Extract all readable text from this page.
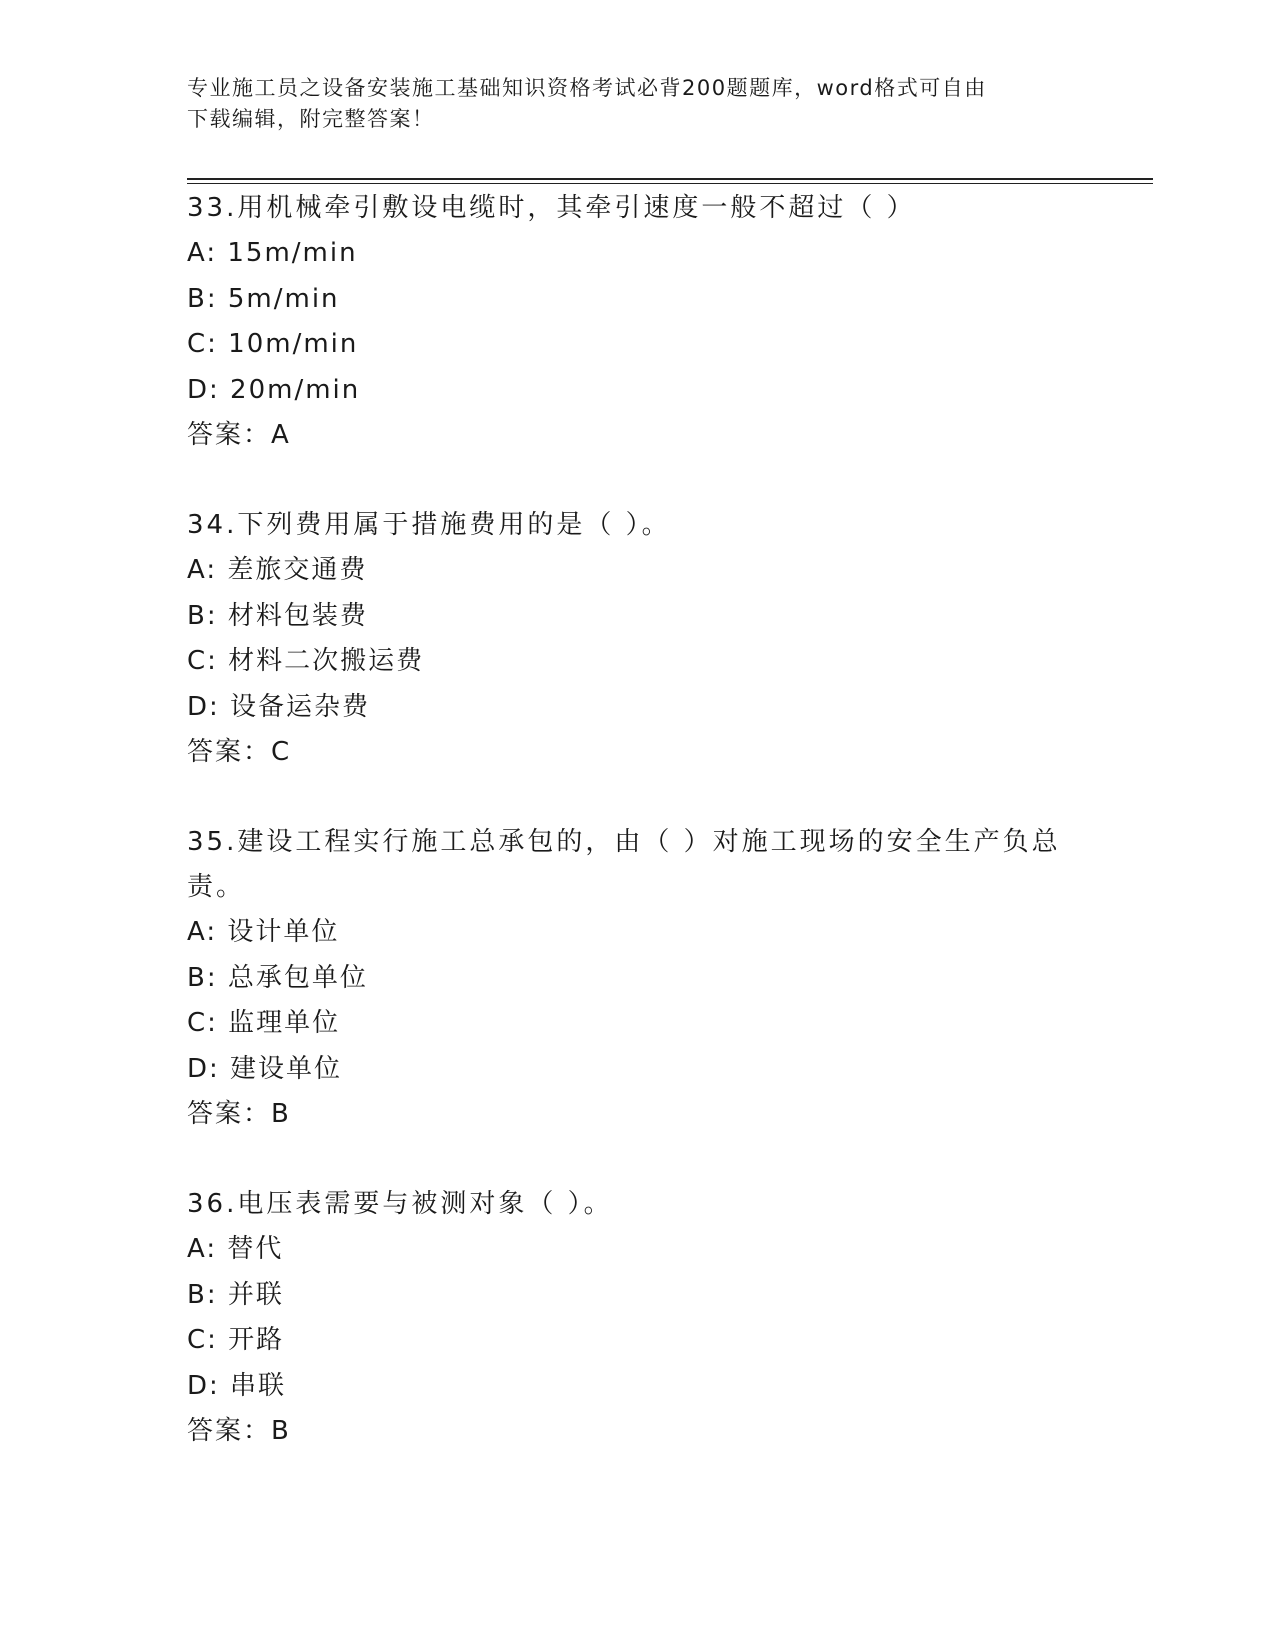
专业施工员之设备安装施工基础知识资格考试必背200题题库，word格式可自由
下载编辑，附完整答案！
33.用机械牵引敷设电缆时，其牵引速度一般不超过（ ）
A: 15m/min
B: 5m/min
C: 10m/min
D: 20m/min
答案：A
34.下列费用属于措施费用的是（ ）。
A: 差旅交通费
B: 材料包装费
C: 材料二次搬运费
D: 设备运杂费
答案：C
35.建设工程实行施工总承包的，由（ ）对施工现场的安全生产负总责。
A: 设计单位
B: 总承包单位
C: 监理单位
D: 建设单位
答案：B
36.电压表需要与被测对象（ ）。
A: 替代
B: 并联
C: 开路
D: 串联
答案：B
